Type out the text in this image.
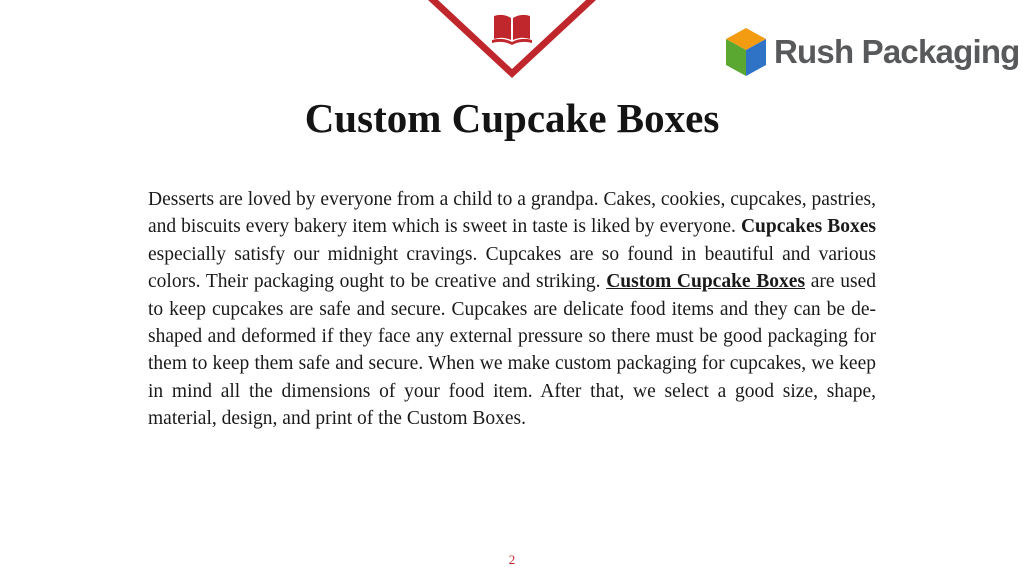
Rush Packaging
Custom Cupcake Boxes

Desserts are loved by everyone from a child to a grandpa. Cakes, cookies, cupcakes, pastries, and biscuits every bakery item which is sweet in taste is liked by everyone. Cupcakes Boxes especially satisfy our midnight cravings. Cupcakes are so found in beautiful and various colors. Their packaging ought to be creative and striking. Custom Cupcake Boxes are used to keep cupcakes are safe and secure. Cupcakes are delicate food items and they can be de-shaped and deformed if they face any external pressure so there must be good packaging for them to keep them safe and secure. When we make custom packaging for cupcakes, we keep in mind all the dimensions of your food item. After that, we select a good size, shape, material, design, and print of the Custom Boxes.

2
